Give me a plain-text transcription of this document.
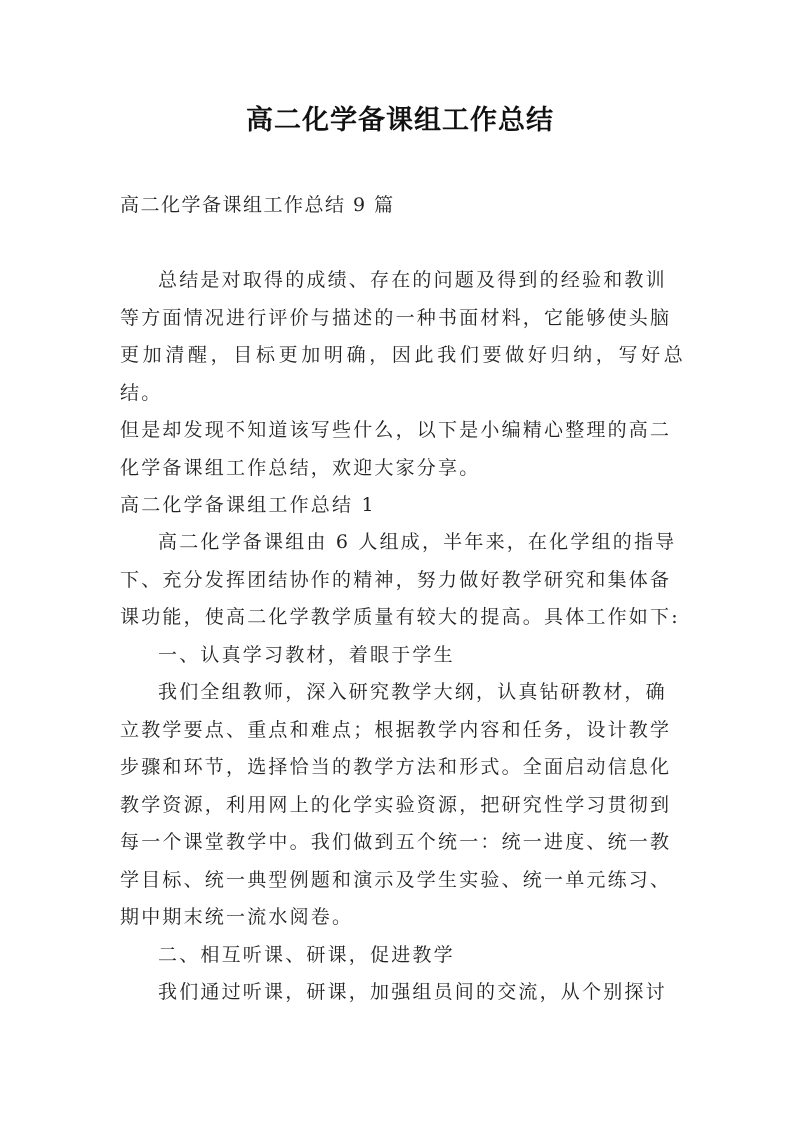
高二化学备课组工作总结

高二化学备课组工作总结 9 篇

总结是对取得的成绩、存在的问题及得到的经验和教训
等方面情况进行评价与描述的一种书面材料，它能够使头脑
更加清醒，目标更加明确，因此我们要做好归纳，写好总结。
但是却发现不知道该写些什么，以下是小编精心整理的高二
化学备课组工作总结，欢迎大家分享。
高二化学备课组工作总结 1
高二化学备课组由 6 人组成，半年来，在化学组的指导
下、充分发挥团结协作的精神，努力做好教学研究和集体备
课功能，使高二化学教学质量有较大的提高。具体工作如下:
一、认真学习教材，着眼于学生
我们全组教师，深入研究教学大纲，认真钻研教材，确
立教学要点、重点和难点；根据教学内容和任务，设计教学
步骤和环节，选择恰当的教学方法和形式。全面启动信息化
教学资源，利用网上的化学实验资源，把研究性学习贯彻到
每一个课堂教学中。我们做到五个统一：统一进度、统一教
学目标、统一典型例题和演示及学生实验、统一单元练习、
期中期末统一流水阅卷。
二、相互听课、研课，促进教学
我们通过听课，研课，加强组员间的交流，从个别探讨
